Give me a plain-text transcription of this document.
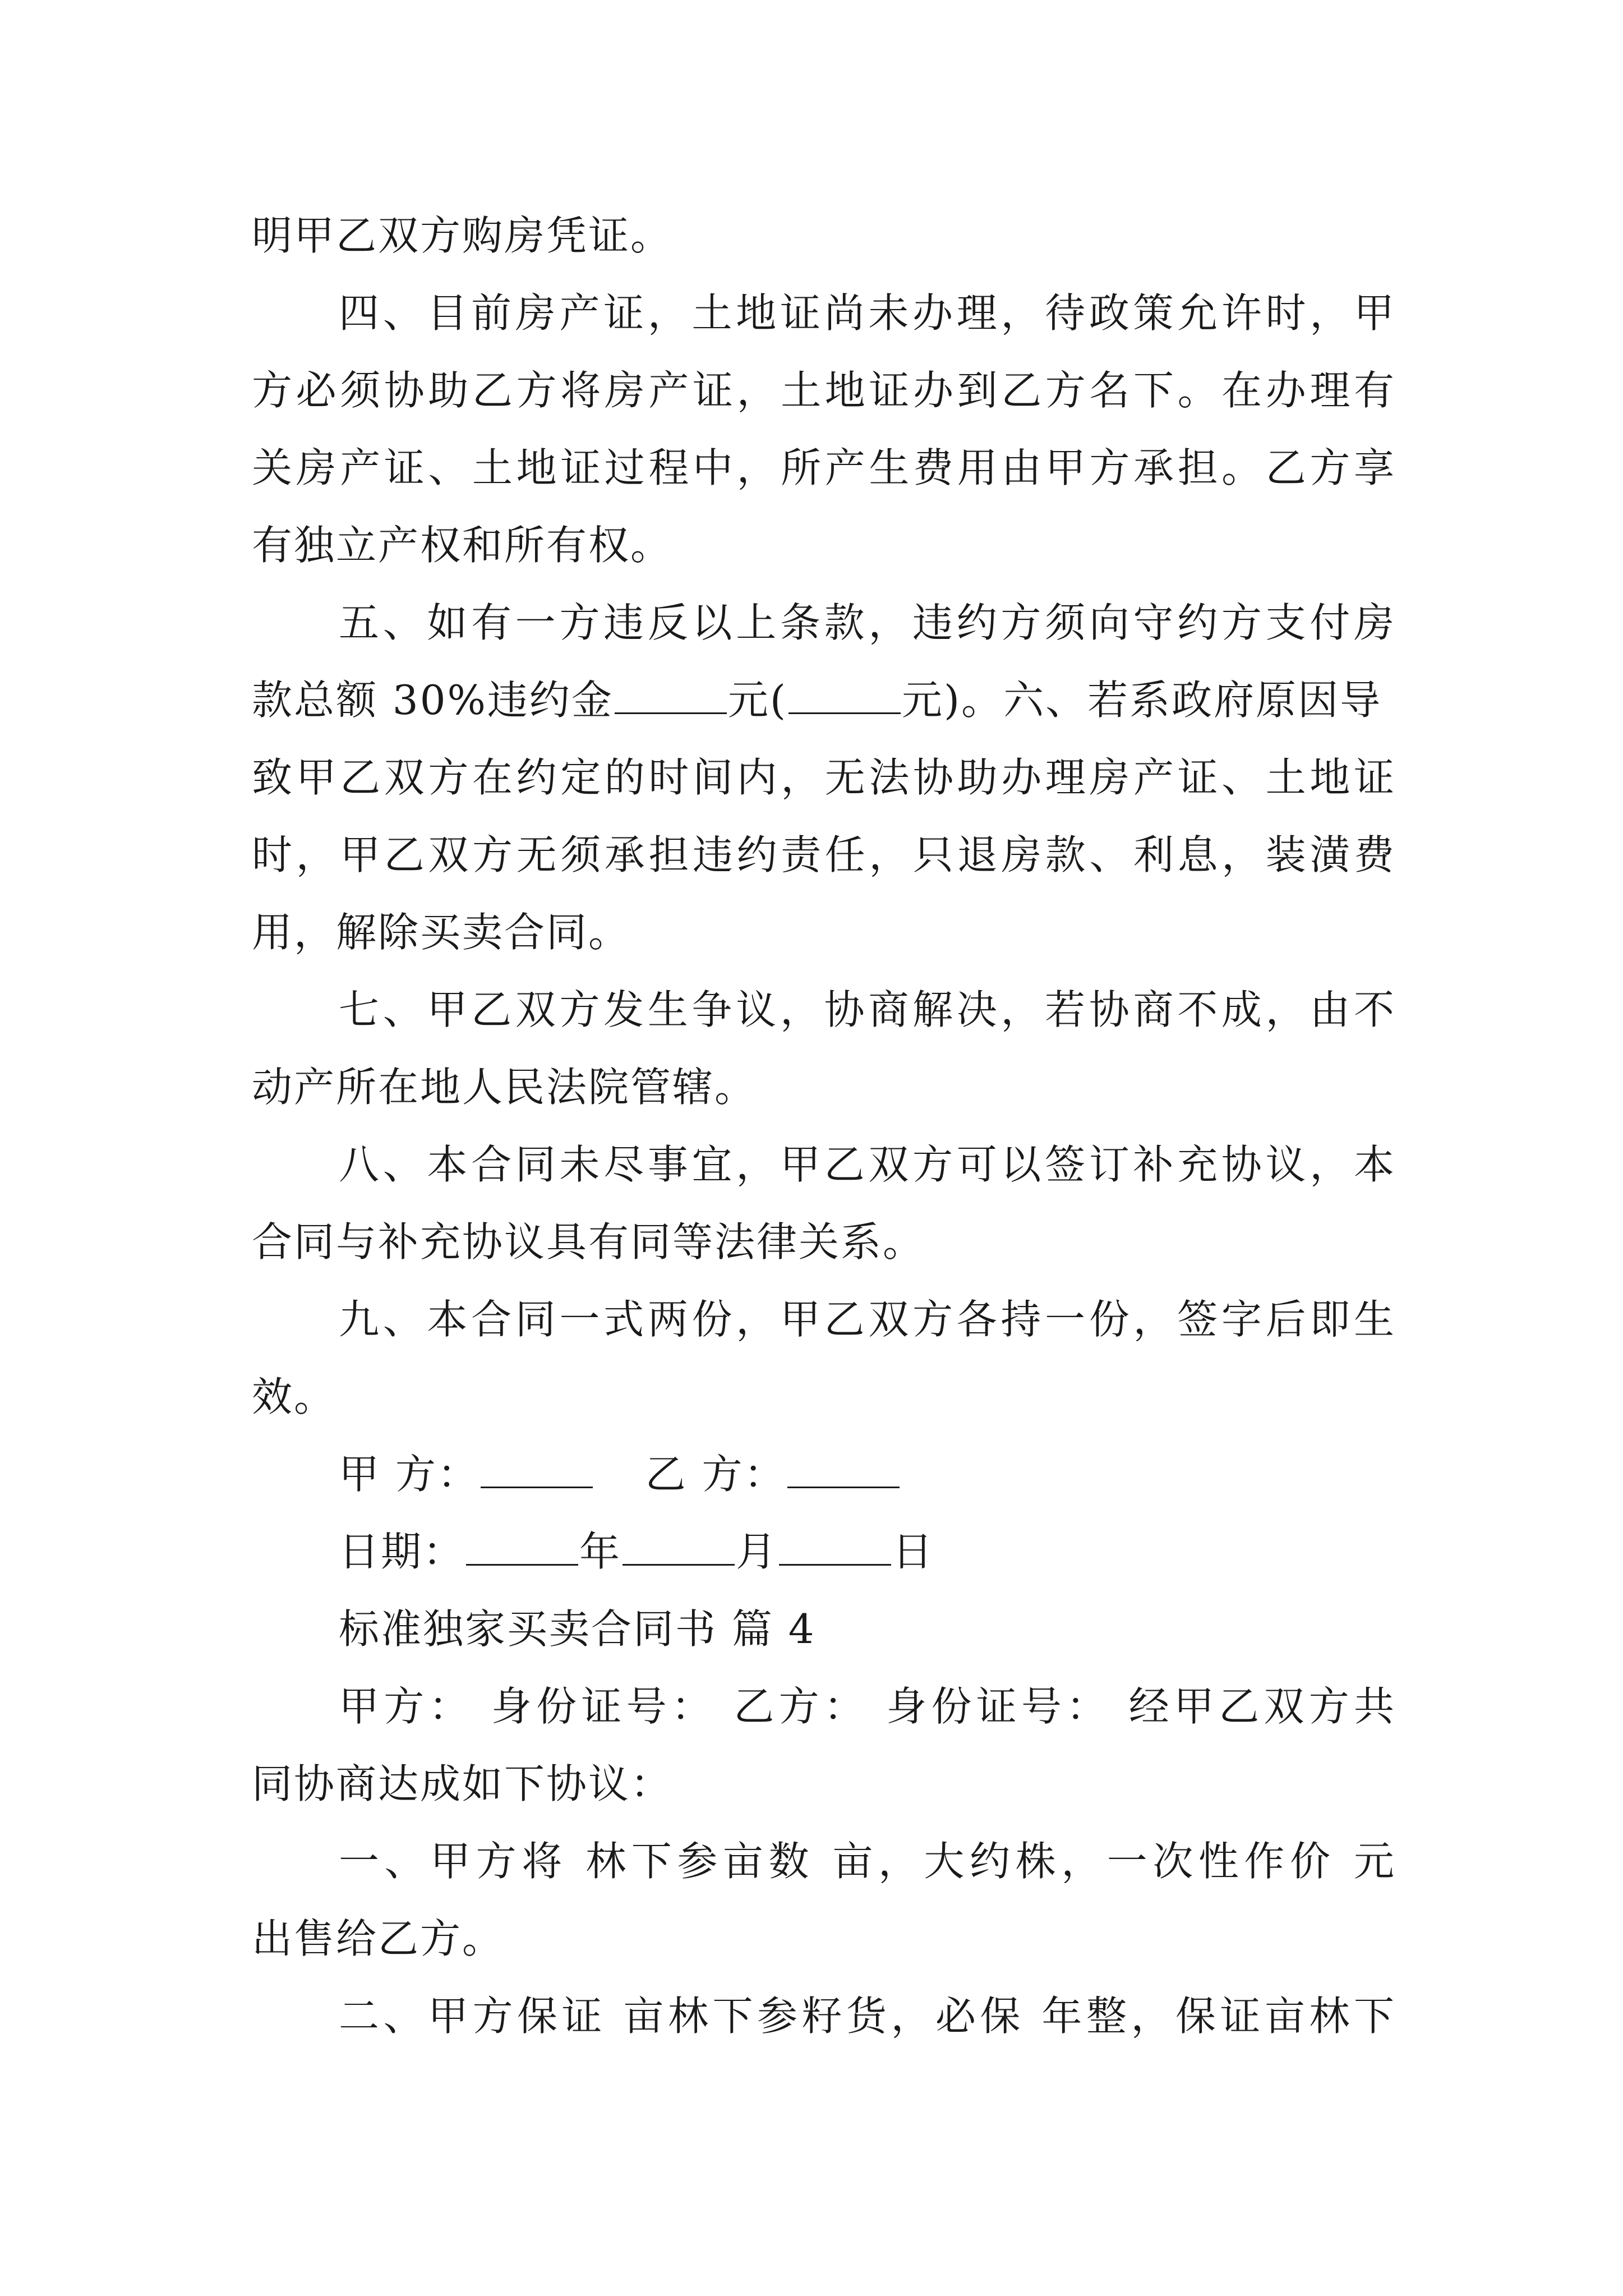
明甲乙双方购房凭证。
四、目前房产证，土地证尚未办理，待政策允许时，甲
方必须协助乙方将房产证，土地证办到乙方名下。在办理有
关房产证、土地证过程中，所产生费用由甲方承担。乙方享
有独立产权和所有权。
五、如有一方违反以上条款，违约方须向守约方支付房
款总额 30%违约金	元(	元)。六、若系政府原因导
致甲乙双方在约定的时间内，无法协助办理房产证、土地证
时，甲乙双方无须承担违约责任，只退房款、利息，装潢费
用，解除买卖合同。
七、甲乙双方发生争议，协商解决，若协商不成，由不
动产所在地人民法院管辖。
八、本合同未尽事宜，甲乙双方可以签订补充协议，本
合同与补充协议具有同等法律关系。
九、本合同一式两份，甲乙双方各持一份，签字后即生
效。
甲 方：	乙 方：
日期：	年	月	日
标准独家买卖合同书 篇 4
甲方： 身份证号： 乙方： 身份证号： 经甲乙双方共
同协商达成如下协议：
一、甲方将 林下参亩数 亩，大约株，一次性作价 元
出售给乙方。
二、甲方保证 亩林下参籽货，必保 年整，保证亩林下
